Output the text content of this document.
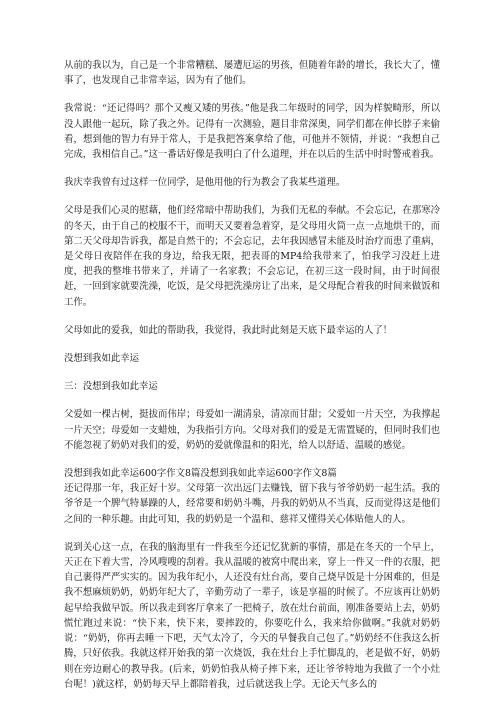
从前的我以为，自己是一个非常糟糕、屡遭厄运的男孩，但随着年龄的增长，我长大了，懂事了，也发现自己非常幸运，因为有了他们。

我常说：“还记得吗？那个又瘦又矮的男孩。”他是我二年级时的同学，因为样貌畸形，所以没人跟他一起玩，除了我之外。记得有一次测验，题目非常深奥，同学们都在伸长脖子来偷看，想到他的智力有异于常人，于是我把答案拿给了他，可他并不领情，并说：“我想自己完成，我相信自己。”这一番话好像是我明白了什么道理，并在以后的生活中时时警戒着我。

我庆幸我曾有过这样一位同学，是他用他的行为教会了我某些道理。

父母是我们心灵的慰藉，他们经常暗中帮助我们，为我们无私的奉献。不会忘记，在那寒冷的冬天，由于自己的校服不干，而明天又要着急着穿，是父母用火筒一点一点地烘干的，而第二天父母却告诉我，都是自然干的；不会忘记，去年我因感冒未能及时治疗而患了重病，是父母日夜陪伴在我的身边，给我无限，把表哥的MP4给我带来了，怕我学习没赶上进度，把我的整堆书带来了，并请了一名家教；不会忘记，在初三这一段时间，由于时间很赶，一回到家就要洗澡，吃饭，是父母把洗澡房让了出来，是父母配合着我的时间来做饭和工作。

父母如此的爱我，如此的帮助我，我觉得，我此时此刻是天底下最幸运的人了！

没想到我如此幸运

三：没想到我如此幸运

父爱如一棵古树，挺拔而伟岸；母爱如一湖清泉，清凉而甘甜；父爱如一片天空，为我撑起一片天空；母爱如一支蜡烛，为我指引方向。父母对我们的爱是无需置疑的，但同时我们也不能忽视了奶奶对我们的爱，奶奶的爱就像温和的阳光，给人以舒适、温暖的感觉。

没想到我如此幸运600字作文8篇没想到我如此幸运600字作文8篇

还记得那一年，我正好十岁。父母第一次出远门去赚钱，留下我与爷爷奶奶一起生活。我的爷爷是一个脾气特暴躁的人，经常要和奶奶斗嘴，丹我的奶奶从不当真，反而觉得这是他们之间的一种乐趣。由此可知，我的奶奶是一个温和、慈祥又懂得关心体贴他人的人。

说到关心这一点，在我的脑海里有一件我至今还记忆犹新的事情，那是在冬天的一个早上，天正在下着大雪，冷风嗖嗖的刮着。我从温暖的被窝中爬出来，穿上一件又一件的衣服，把自己裹得严严实实的。因为我年纪小，人还没有灶台高，要自己烧早饭是十分困难的，但是我不想麻烦奶奶，奶奶年纪大了，辛勤劳动了一辈子，该是享福的时候了。不应该再让奶奶起早给我做早饭。所以我走到客厅拿来了一把椅子，放在灶台前面，刚准备要站上去，奶奶慌忙跑过来说：“快下来，快下来，要摔跤的，你要吃什么，我来给你做啊。”我就对奶奶说：“奶奶，你再去睡一下吧，天气太冷了，今天的早餐我自己包了。”奶奶经不住我这么折腾，只好依我。我就这样开始我的第一次烧饭，我在灶台上手忙脚乱的，老是做不好，奶奶则在旁边耐心的教导我。(后来，奶奶怕我从椅子摔下来，还让爷爷特地为我做了一个小灶台呢！)就这样，奶奶每天早上都陪着我，过后就送我上学。无论天气多么的
